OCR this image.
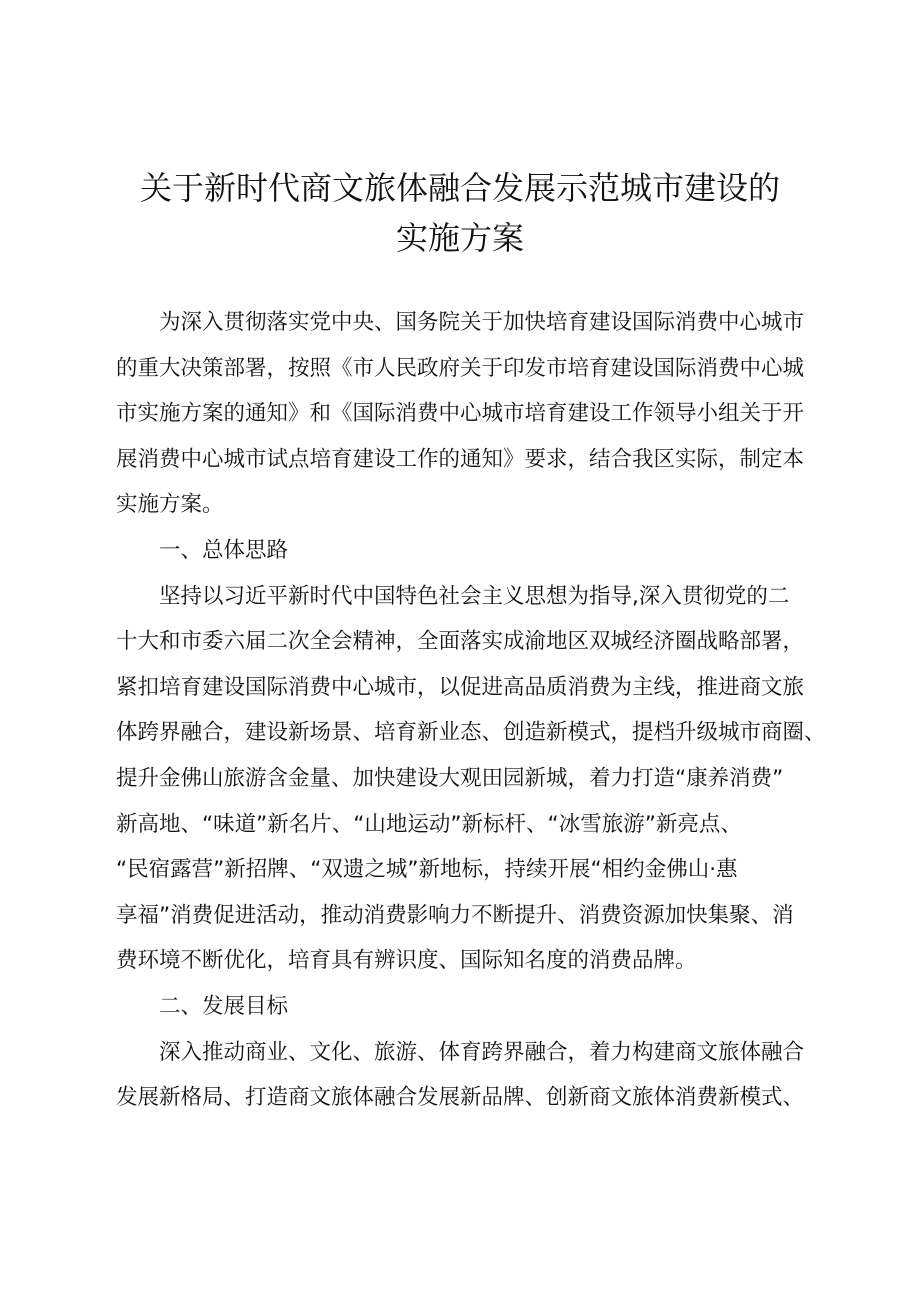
关于新时代商文旅体融合发展示范城市建设的
实施方案
为深入贯彻落实党中央、国务院关于加快培育建设国际消费中心城市
的重大决策部署，按照《市人民政府关于印发市培育建设国际消费中心城
市实施方案的通知》和《国际消费中心城市培育建设工作领导小组关于开
展消费中心城市试点培育建设工作的通知》要求，结合我区实际，制定本
实施方案。
一、总体思路
坚持以习近平新时代中国特色社会主义思想为指导,深入贯彻党的二
十大和市委六届二次全会精神，全面落实成渝地区双城经济圈战略部署，
紧扣培育建设国际消费中心城市，以促进高品质消费为主线，推进商文旅
体跨界融合，建设新场景、培育新业态、创造新模式，提档升级城市商圈、
提升金佛山旅游含金量、加快建设大观田园新城，着力打造“康养消费”
新高地、“味道”新名片、“山地运动”新标杆、“冰雪旅游”新亮点、
“民宿露营”新招牌、“双遗之城”新地标，持续开展“相约金佛山·惠
享福”消费促进活动，推动消费影响力不断提升、消费资源加快集聚、消
费环境不断优化，培育具有辨识度、国际知名度的消费品牌。
二、发展目标
深入推动商业、文化、旅游、体育跨界融合，着力构建商文旅体融合
发展新格局、打造商文旅体融合发展新品牌、创新商文旅体消费新模式、
